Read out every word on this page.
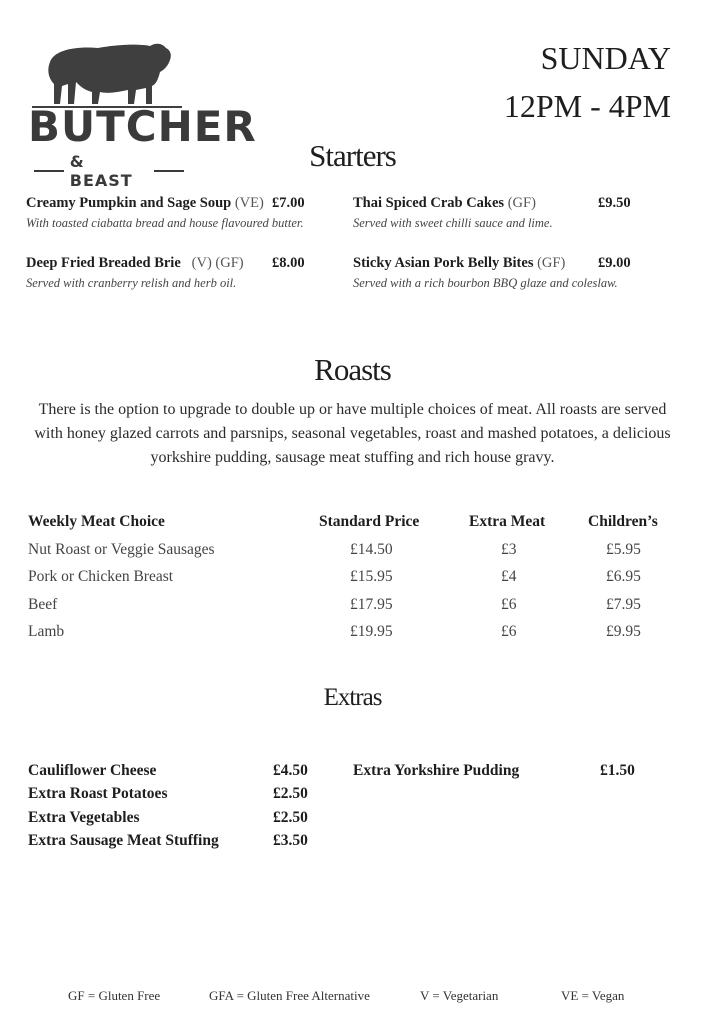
BUTCHER
& BEAST
SUNDAY
12PM - 4PM
Starters
Creamy Pumpkin and Sage Soup (VE) £7.00
With toasted ciabatta bread and house flavoured butter.
Thai Spiced Crab Cakes (GF)	£9.50
Served with sweet chilli sauce and lime.
Deep Fried Breaded Brie (V) (GF) £8.00
Served with cranberry relish and herb oil.
Sticky Asian Pork Belly Bites (GF) £9.00
Served with a rich bourbon BBQ glaze and coleslaw.
Roasts
There is the option to upgrade to double up or have multiple choices of meat. All roasts are served with honey glazed carrots and parsnips, seasonal vegetables, roast and mashed potatoes, a delicious yorkshire pudding, sausage meat stuffing and rich house gravy.
Weekly Meat Choice	Standard Price	Extra Meat	Children’s
Nut Roast or Veggie Sausages	£14.50	£3	£5.95
Pork or Chicken Breast	£15.95	£4	£6.95
Beef	£17.95	£6	£7.95
Lamb	£19.95	£6	£9.95
Extras
Cauliflower Cheese	£4.50
Extra Roast Potatoes	£2.50
Extra Vegetables	£2.50
Extra Sausage Meat Stuffing	£3.50
Extra Yorkshire Pudding	£1.50
GF = Gluten Free	GFA = Gluten Free Alternative	V = Vegetarian	VE = Vegan
